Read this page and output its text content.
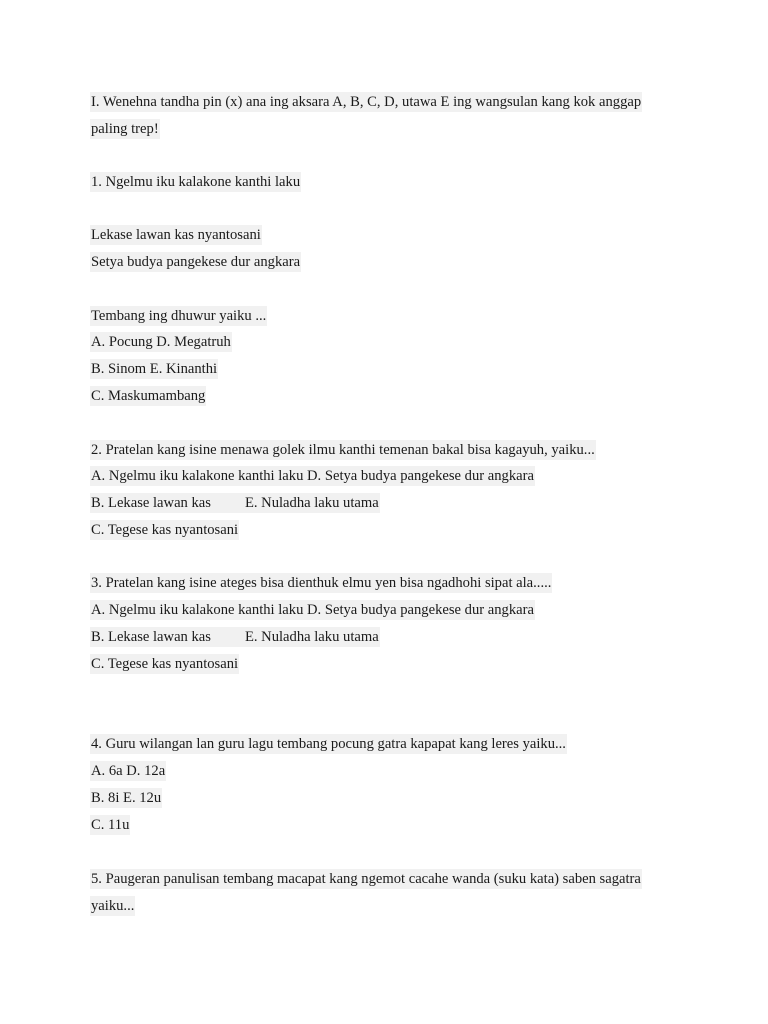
I. Wenehna tandha pin (x) ana ing aksara A, B, C, D, utawa E ing wangsulan kang kok anggap
paling trep!
1. Ngelmu iku kalakone kanthi laku
Lekase lawan kas nyantosani
Setya budya pangekese dur angkara
Tembang ing dhuwur yaiku ...
A. Pocung D. Megatruh
B. Sinom E. Kinanthi
C. Maskumambang
2. Pratelan kang isine menawa golek ilmu kanthi temenan bakal bisa kagayuh, yaiku...
A. Ngelmu iku kalakone kanthi laku D. Setya budya pangekese dur angkara
B. Lekase lawan kas E. Nuladha laku utama
C. Tegese kas nyantosani
3. Pratelan kang isine ateges bisa dienthuk elmu yen bisa ngadhohi sipat ala.....
A. Ngelmu iku kalakone kanthi laku D. Setya budya pangekese dur angkara
B. Lekase lawan kas E. Nuladha laku utama
C. Tegese kas nyantosani
4. Guru wilangan lan guru lagu tembang pocung gatra kapapat kang leres yaiku...
A. 6a D. 12a
B. 8i E. 12u
C. 11u
5. Paugeran panulisan tembang macapat kang ngemot cacahe wanda (suku kata) saben sagatra
yaiku...
